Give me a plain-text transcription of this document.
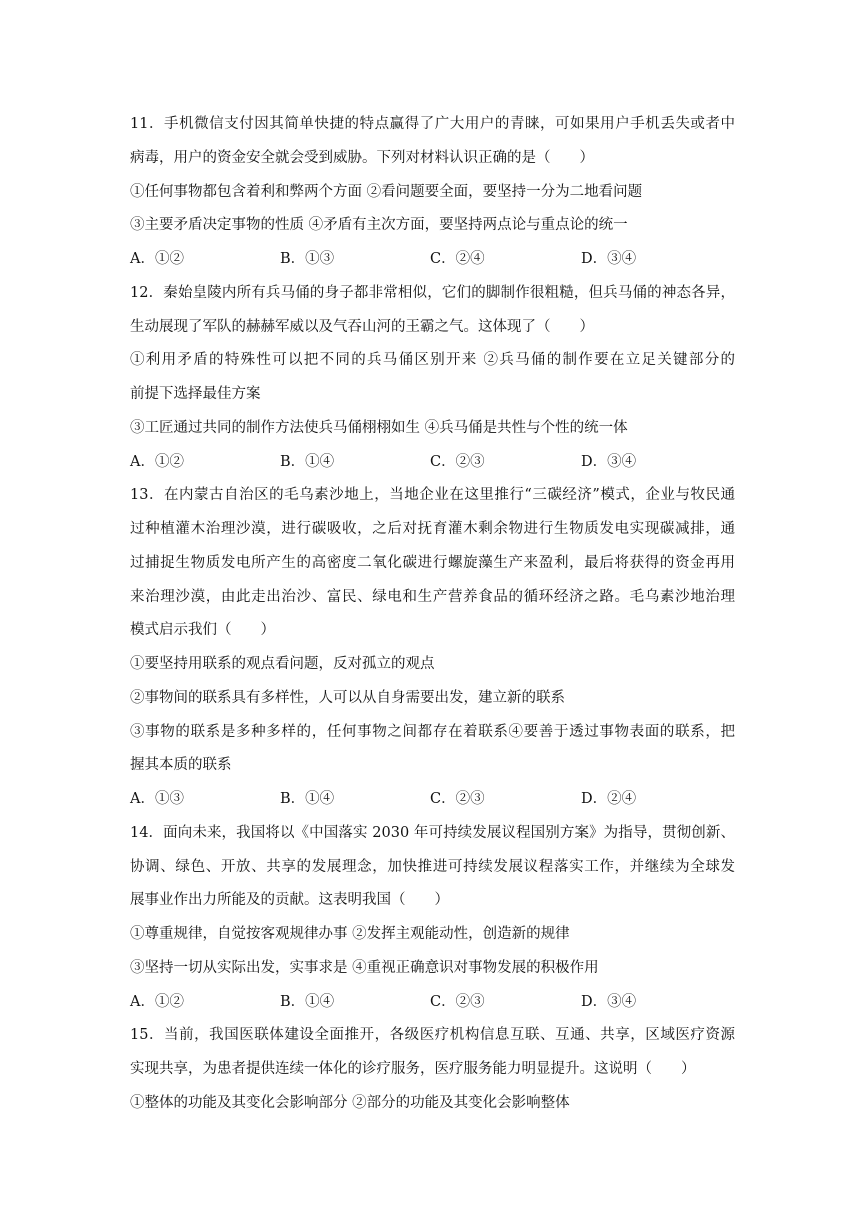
11．手机微信支付因其简单快捷的特点赢得了广大用户的青睐，可如果用户手机丢失或者中
病毒，用户的资金安全就会受到威胁。下列对材料认识正确的是（　　）
①任何事物都包含着利和弊两个方面 ②看问题要全面，要坚持一分为二地看问题
③主要矛盾决定事物的性质 ④矛盾有主次方面，要坚持两点论与重点论的统一
A．①②	B．①③	C．②④	D．③④
12．秦始皇陵内所有兵马俑的身子都非常相似，它们的脚制作很粗糙，但兵马俑的神态各异，
生动展现了军队的赫赫军威以及气吞山河的王霸之气。这体现了（　　）
①利用矛盾的特殊性可以把不同的兵马俑区别开来 ②兵马俑的制作要在立足关键部分的
前提下选择最佳方案
③工匠通过共同的制作方法使兵马俑栩栩如生 ④兵马俑是共性与个性的统一体
A．①②	B．①④	C．②③	D．③④
13．在内蒙古自治区的毛乌素沙地上，当地企业在这里推行“三碳经济”模式，企业与牧民通
过种植灌木治理沙漠，进行碳吸收，之后对抚育灌木剩余物进行生物质发电实现碳减排，通
过捕捉生物质发电所产生的高密度二氧化碳进行螺旋藻生产来盈利，最后将获得的资金再用
来治理沙漠，由此走出治沙、富民、绿电和生产营养食品的循环经济之路。毛乌素沙地治理
模式启示我们（　　）
①要坚持用联系的观点看问题，反对孤立的观点
②事物间的联系具有多样性，人可以从自身需要出发，建立新的联系
③事物的联系是多种多样的，任何事物之间都存在着联系④要善于透过事物表面的联系，把
握其本质的联系
A．①③	B．①④	C．②③	D．②④
14．面向未来，我国将以《中国落实 2030 年可持续发展议程国别方案》为指导，贯彻创新、
协调、绿色、开放、共享的发展理念，加快推进可持续发展议程落实工作，并继续为全球发
展事业作出力所能及的贡献。这表明我国（　　）
①尊重规律，自觉按客观规律办事 ②发挥主观能动性，创造新的规律
③坚持一切从实际出发，实事求是 ④重视正确意识对事物发展的积极作用
A．①②	B．①④	C．②③	D．③④
15．当前，我国医联体建设全面推开，各级医疗机构信息互联、互通、共享，区域医疗资源
实现共享，为患者提供连续一体化的诊疗服务，医疗服务能力明显提升。这说明（　　）
①整体的功能及其变化会影响部分 ②部分的功能及其变化会影响整体
